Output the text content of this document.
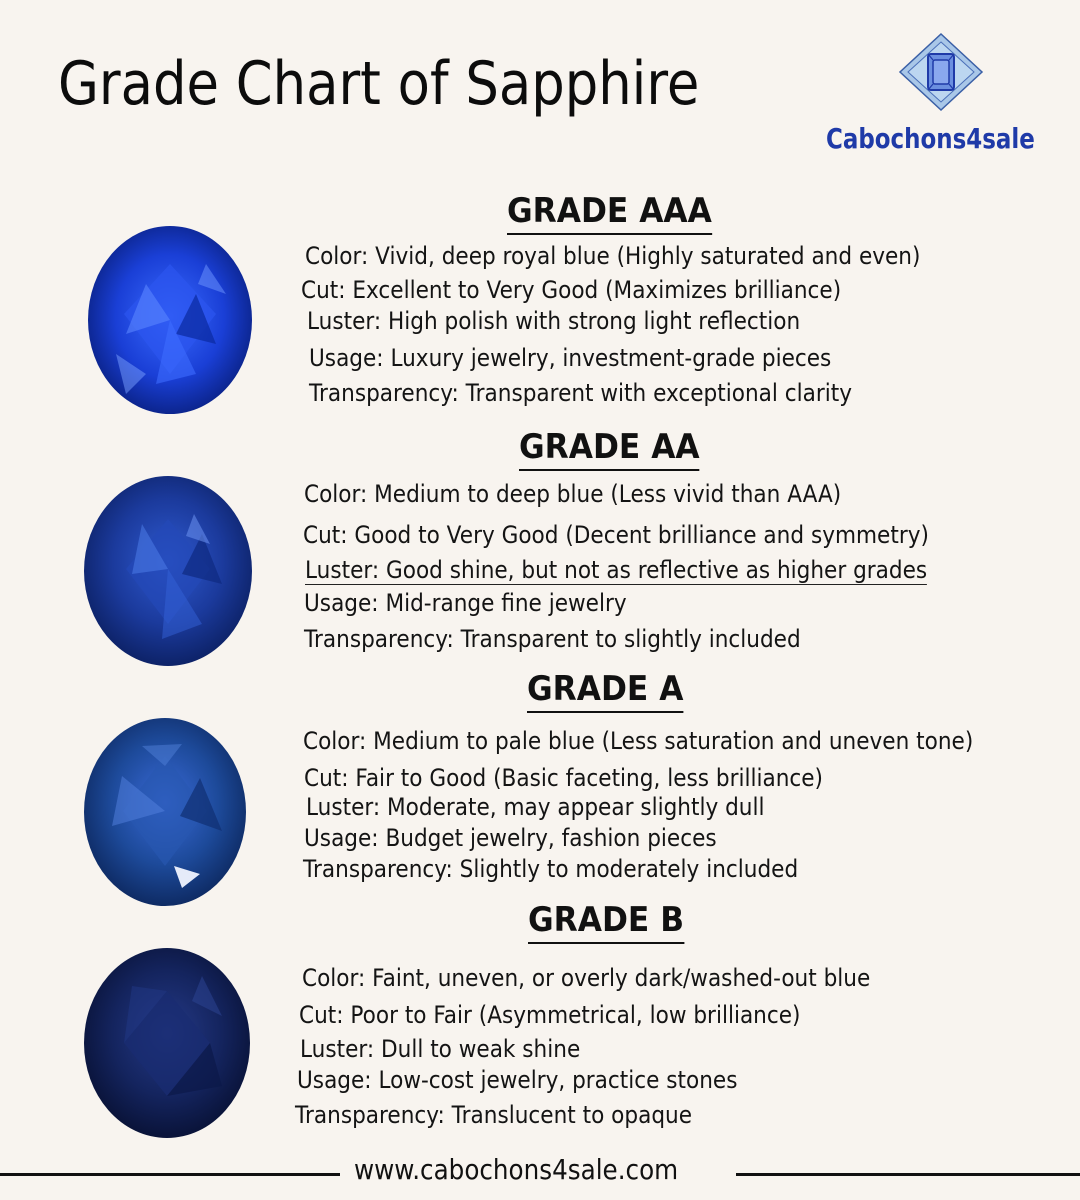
Grade Chart of Sapphire
Cabochons4sale
GRADE AAA
Color: Vivid, deep royal blue (Highly saturated and even)
Cut: Excellent to Very Good (Maximizes brilliance)
Luster: High polish with strong light reflection
Usage: Luxury jewelry, investment-grade pieces
Transparency: Transparent with exceptional clarity
GRADE AA
Color: Medium to deep blue (Less vivid than AAA)
Cut: Good to Very Good (Decent brilliance and symmetry)
Luster: Good shine, but not as reflective as higher grades
Usage: Mid-range fine jewelry
Transparency: Transparent to slightly included
GRADE A
Color: Medium to pale blue (Less saturation and uneven tone)
Cut: Fair to Good (Basic faceting, less brilliance)
Luster: Moderate, may appear slightly dull
Usage: Budget jewelry, fashion pieces
Transparency: Slightly to moderately included
GRADE B
Color: Faint, uneven, or overly dark/washed-out blue
Cut: Poor to Fair (Asymmetrical, low brilliance)
Luster: Dull to weak shine
Usage: Low-cost jewelry, practice stones
Transparency: Translucent to opaque
www.cabochons4sale.com
